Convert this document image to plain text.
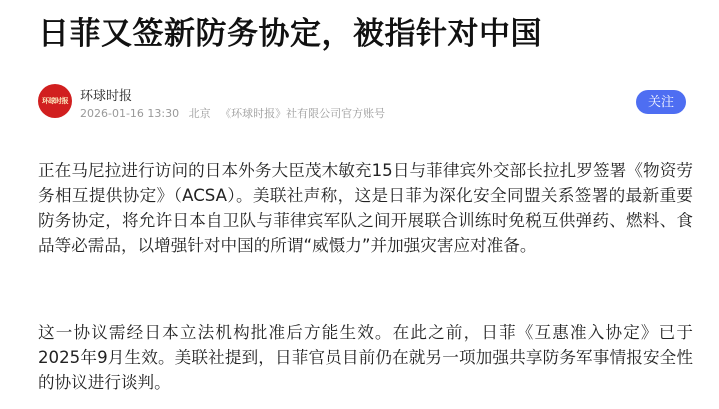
日菲又签新防务协定，被指针对中国
环球时报 环球时报
2026-01-16 13:30 北京 《环球时报》社有限公司官方账号
关注

正在马尼拉进行访问的日本外务大臣茂木敏充15日与菲律宾外交部长拉扎罗签署《物资劳务相互提供协定》（ACSA）。美联社声称，这是日菲为深化安全同盟关系签署的最新重要防务协定，将允许日本自卫队与菲律宾军队之间开展联合训练时免税互供弹药、燃料、食品等必需品，以增强针对中国的所谓“威慑力”并加强灾害应对准备。

这一协议需经日本立法机构批准后方能生效。在此之前，日菲《互惠准入协定》已于2025年9月生效。美联社提到，日菲官员目前仍在就另一项加强共享防务军事情报安全性的协议进行谈判。
